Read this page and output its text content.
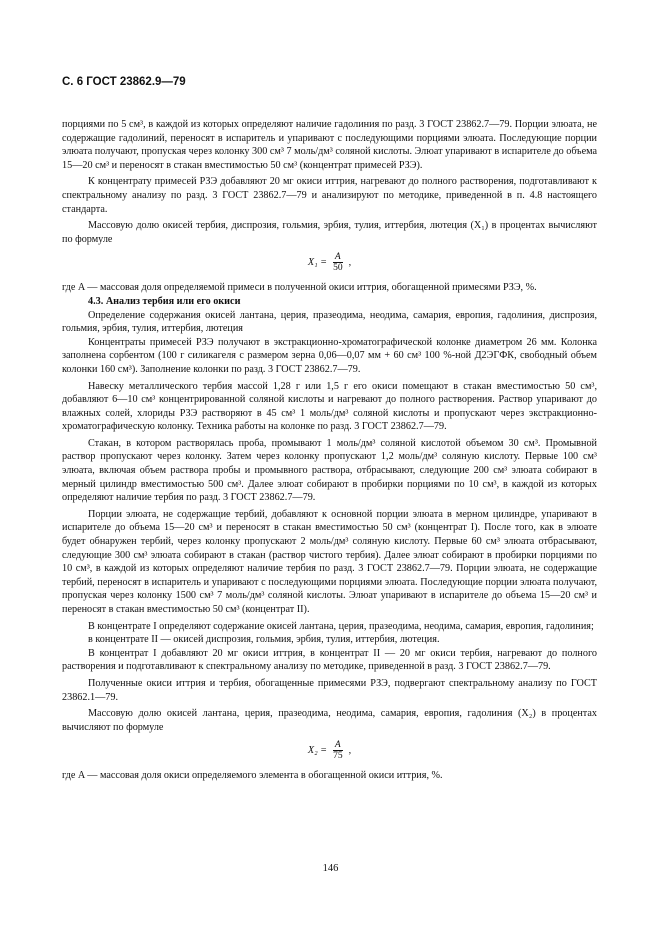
С. 6 ГОСТ 23862.9—79

порциями по 5 см³, в каждой из которых определяют наличие гадолиния по разд. 3 ГОСТ 23862.7—79. Порции элюата, не содержащие гадолиний, переносят в испаритель и упаривают с последующими порциями элюата. Последующие порции элюата получают, пропуская через колонку 300 см³ 7 моль/дм³ соляной кислоты. Элюат упаривают в испарителе до объема 15—20 см³ и переносят в стакан вместимостью 50 см³ (концентрат примесей РЗЭ).

К концентрату примесей РЗЭ добавляют 20 мг окиси иттрия, нагревают до полного растворения, подготавливают к спектральному анализу по разд. 3 ГОСТ 23862.7—79 и анализируют по методике, приведенной в п. 4.8 настоящего стандарта.

Массовую долю окисей тербия, диспрозия, гольмия, эрбия, тулия, иттербия, лютеция (X₁) в процентах вычисляют по формуле

$X_1 = \frac{A}{50}$ ,

где A — массовая доля определяемой примеси в полученной окиси иттрия, обогащенной примесями РЗЭ, %.

4.3. Анализ тербия или его окиси

Определение содержания окисей лантана, церия, празеодима, неодима, самария, европия, гадолиния, диспрозия, гольмия, эрбия, тулия, иттербия, лютеция

Концентраты примесей РЗЭ получают в экстракционно-хроматографической колонке диаметром 26 мм. Колонка заполнена сорбентом (100 г силикагеля с размером зерна 0,06—0,07 мм + 60 см³ 100 %-ной Д2ЭГФК, свободный объем колонки 160 см³). Заполнение колонки по разд. 3 ГОСТ 23862.7—79.

Навеску металлического тербия массой 1,28 г или 1,5 г его окиси помещают в стакан вместимостью 50 см³, добавляют 6—10 см³ концентрированной соляной кислоты и нагревают до полного растворения. Раствор упаривают до влажных солей, хлориды РЗЭ растворяют в 45 см³ 1 моль/дм³ соляной кислоты и пропускают через экстракционно-хроматографическую колонку. Техника работы на колонке по разд. 3 ГОСТ 23862.7—79.

Стакан, в котором растворялась проба, промывают 1 моль/дм³ соляной кислотой объемом 30 см³. Промывной раствор пропускают через колонку. Затем через колонку пропускают 1,2 моль/дм³ соляную кислоту. Первые 100 см³ элюата, включая объем раствора пробы и промывного раствора, отбрасывают, следующие 200 см³ элюата собирают в мерный цилиндр вместимостью 500 см³. Далее элюат собирают в пробирки порциями по 10 см³, в каждой из которых определяют наличие тербия по разд. 3 ГОСТ 23862.7—79.

Порции элюата, не содержащие тербий, добавляют к основной порции элюата в мерном цилиндре, упаривают в испарителе до объема 15—20 см³ и переносят в стакан вместимостью 50 см³ (концентрат I). После того, как в элюате будет обнаружен тербий, через колонку пропускают 2 моль/дм³ соляную кислоту. Первые 60 см³ элюата отбрасывают, следующие 300 см³ элюата собирают в стакан (раствор чистого тербия). Далее элюат собирают в пробирки порциями по 10 см³, в каждой из которых определяют наличие тербия по разд. 3 ГОСТ 23862.7—79. Порции элюата, не содержащие тербий, переносят в испаритель и упаривают с последующими порциями элюата. Последующие порции элюата получают, пропуская через колонку 1500 см³ 7 моль/дм³ соляной кислоты. Элюат упаривают в испарителе до объема 15—20 см³ и переносят в стакан вместимостью 50 см³ (концентрат II).

В концентрате I определяют содержание окисей лантана, церия, празеодима, неодима, самария, европия, гадолиния;

в концентрате II — окисей диспрозия, гольмия, эрбия, тулия, иттербия, лютеция.

В концентрат I добавляют 20 мг окиси иттрия, в концентрат II — 20 мг окиси тербия, нагревают до полного растворения и подготавливают к спектральному анализу по методике, приведенной в разд. 3 ГОСТ 23862.7—79.

Полученные окиси иттрия и тербия, обогащенные примесями РЗЭ, подвергают спектральному анализу по ГОСТ 23862.1—79.

Массовую долю окисей лантана, церия, празеодима, неодима, самария, европия, гадолиния (X₂) в процентах вычисляют по формуле

$X_2 = \frac{A}{75}$ ,

где A — массовая доля окиси определяемого элемента в обогащенной окиси иттрия, %.

146
